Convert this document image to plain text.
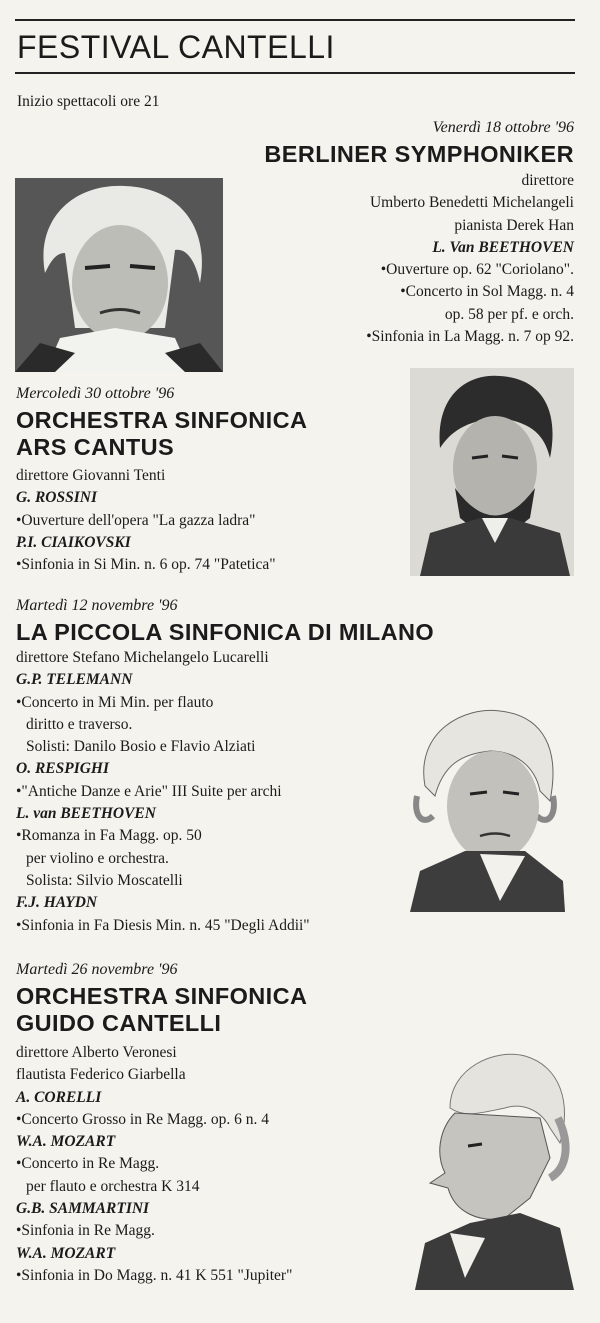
FESTIVAL CANTELLI
Inizio spettacoli ore 21
Venerdì 18 ottobre '96
BERLINER SYMPHONIKER
direttore
Umberto Benedetti Michelangeli
pianista Derek Han
L. Van BEETHOVEN
•Ouverture op. 62 "Coriolano".
•Concerto in Sol Magg. n. 4
op. 58 per pf. e orch.
•Sinfonia in La Magg. n. 7 op 92.
Mercoledì 30 ottobre '96
ORCHESTRA SINFONICA
ARS CANTUS
direttore Giovanni Tenti
G. ROSSINI
•Ouverture dell'opera "La gazza ladra"
P.I. CIAIKOVSKI
•Sinfonia in Si Min. n. 6 op. 74 "Patetica"
Martedì 12 novembre '96
LA PICCOLA SINFONICA DI MILANO
direttore Stefano Michelangelo Lucarelli
G.P. TELEMANN
•Concerto in Mi Min. per flauto
diritto e traverso.
Solisti: Danilo Bosio e Flavio Alziati
O. RESPIGHI
•"Antiche Danze e Arie" III Suite per archi
L. van BEETHOVEN
•Romanza in Fa Magg. op. 50
per violino e orchestra.
Solista: Silvio Moscatelli
F.J. HAYDN
•Sinfonia in Fa Diesis Min. n. 45 "Degli Addii"
Martedì 26 novembre '96
ORCHESTRA SINFONICA
GUIDO CANTELLI
direttore Alberto Veronesi
flautista Federico Giarbella
A. CORELLI
•Concerto Grosso in Re Magg. op. 6 n. 4
W.A. MOZART
•Concerto in Re Magg.
per flauto e orchestra K 314
G.B. SAMMARTINI
•Sinfonia in Re Magg.
W.A. MOZART
•Sinfonia in Do Magg. n. 41 K 551 "Jupiter"
